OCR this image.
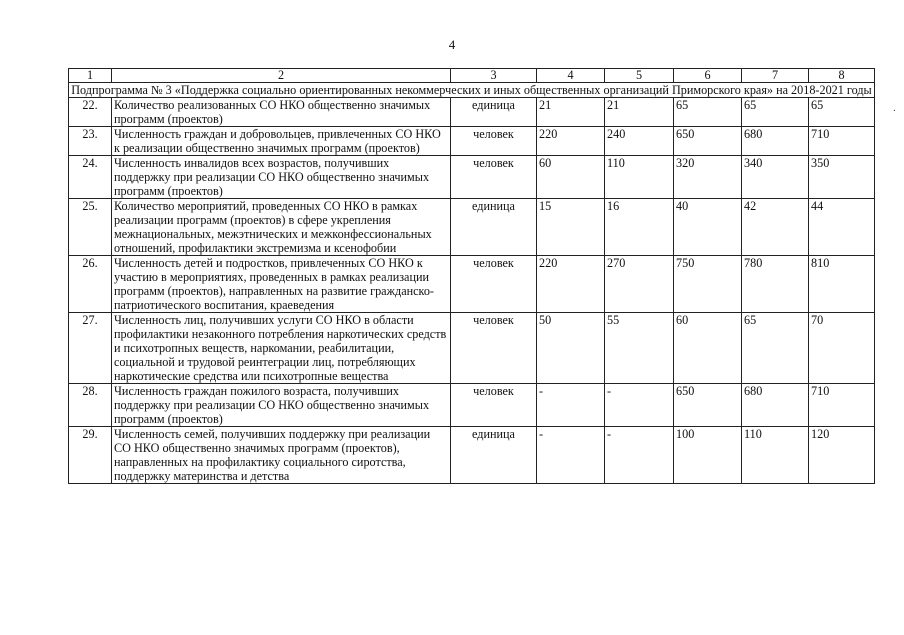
4
.
1	2	3	4	5	6	7	8
Подпрограмма № 3 «Поддержка социально ориентированных некоммерческих и иных общественных организаций Приморского края» на 2018-2021 годы							
22.	Количество реализованных СО НКО общественно значимых программ (проектов)	единица	21	21	65	65	65
23.	Численность граждан и добровольцев, привлеченных СО НКО к реализации общественно значимых программ (проектов)	человек	220	240	650	680	710
24.	Численность инвалидов всех возрастов, получивших поддержку при реализации СО НКО общественно значимых программ (проектов)	человек	60	110	320	340	350
25.	Количество мероприятий, проведенных СО НКО в рамках реализации программ (проектов) в сфере укрепления межнациональных, межэтнических и межконфессиональных отношений, профилактики экстремизма и ксенофобии	единица	15	16	40	42	44
26.	Численность детей и подростков, привлеченных СО НКО к участию в мероприятиях, проведенных в рамках реализации программ (проектов), направленных на развитие гражданско-патриотического воспитания, краеведения	человек	220	270	750	780	810
27.	Численность лиц, получивших услуги СО НКО в области профилактики незаконного потребления наркотических средств и психотропных веществ, наркомании, реабилитации, социальной и трудовой реинтеграции лиц, потребляющих наркотические средства или психотропные вещества	человек	50	55	60	65	70
28.	Численность граждан пожилого возраста, получивших поддержку при реализации СО НКО общественно значимых программ (проектов)	человек	-	-	650	680	710
29.	Численность семей, получивших поддержку при реализации СО НКО общественно значимых программ (проектов), направленных на профилактику социального сиротства, поддержку материнства и детства	единица	-	-	100	110	120
